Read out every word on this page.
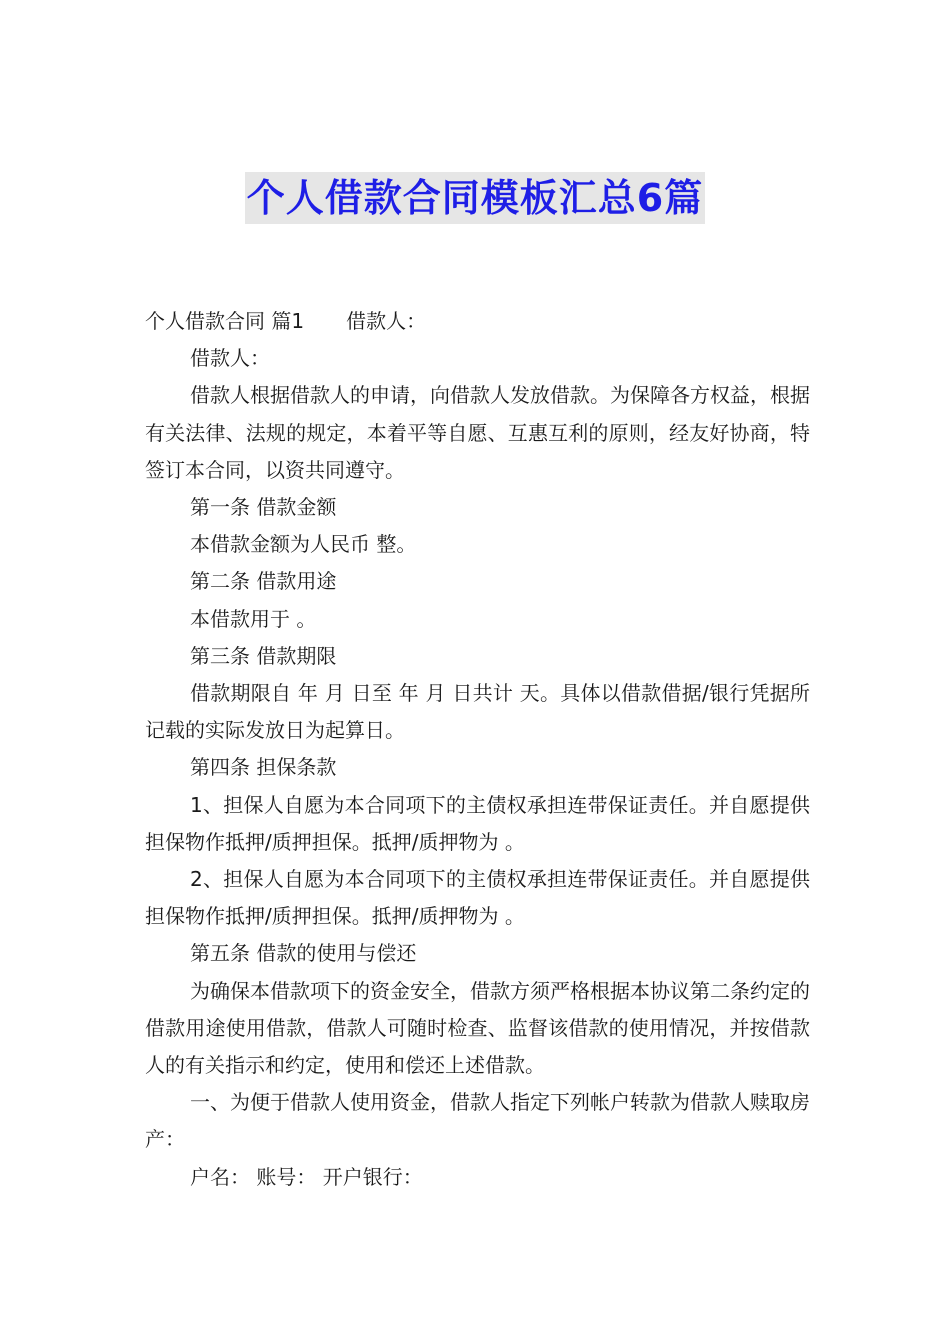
个人借款合同模板汇总6篇

个人借款合同 篇1 借款人：

借款人：

借款人根据借款人的申请，向借款人发放借款。为保障各方权益，根据有关法律、法规的规定，本着平等自愿、互惠互利的原则，经友好协商，特签订本合同，以资共同遵守。

第一条 借款金额

本借款金额为人民币 整。

第二条 借款用途

本借款用于 。

第三条 借款期限

借款期限自 年 月 日至 年 月 日共计 天。具体以借款借据/银行凭据所记载的实际发放日为起算日。

第四条 担保条款

1、担保人自愿为本合同项下的主债权承担连带保证责任。并自愿提供担保物作抵押/质押担保。抵押/质押物为 。

2、担保人自愿为本合同项下的主债权承担连带保证责任。并自愿提供担保物作抵押/质押担保。抵押/质押物为 。

第五条 借款的使用与偿还

为确保本借款项下的资金安全，借款方须严格根据本协议第二条约定的借款用途使用借款，借款人可随时检查、监督该借款的使用情况，并按借款人的有关指示和约定，使用和偿还上述借款。

一、为便于借款人使用资金，借款人指定下列帐户转款为借款人赎取房产：

户名： 账号： 开户银行：
